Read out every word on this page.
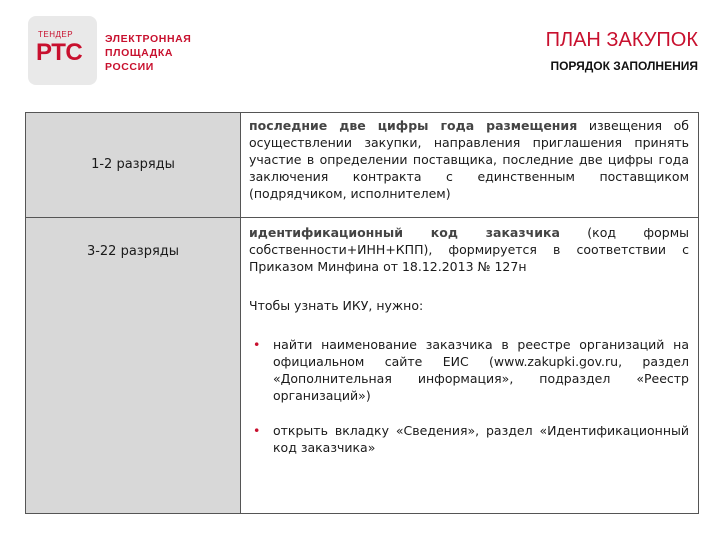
ТЕНДЕР
РТС ЭЛЕКТРОННАЯ
ПЛОЩАДКА
РОССИИ
ПЛАН ЗАКУПОК
ПОРЯДОК ЗАПОЛНЕНИЯ
1-2 разряды
3-22 разряды

последние две цифры года размещения извещения об осуществлении закупки, направления приглашения принять участие в определении поставщика, последние две цифры года заключения контракта с единственным поставщиком (подрядчиком, исполнителем)

идентификационный код заказчика (код формы собственности+ИНН+КПП), формируется в соответствии с Приказом Минфина от 18.12.2013 № 127н

Чтобы узнать ИКУ, нужно:

• найти наименование заказчика в реестре организаций на официальном сайте ЕИС (www.zakupki.gov.ru, раздел «Дополнительная информация», подраздел «Реестр организаций»)

• открыть вкладку «Сведения», раздел «Идентификационный код заказчика»
